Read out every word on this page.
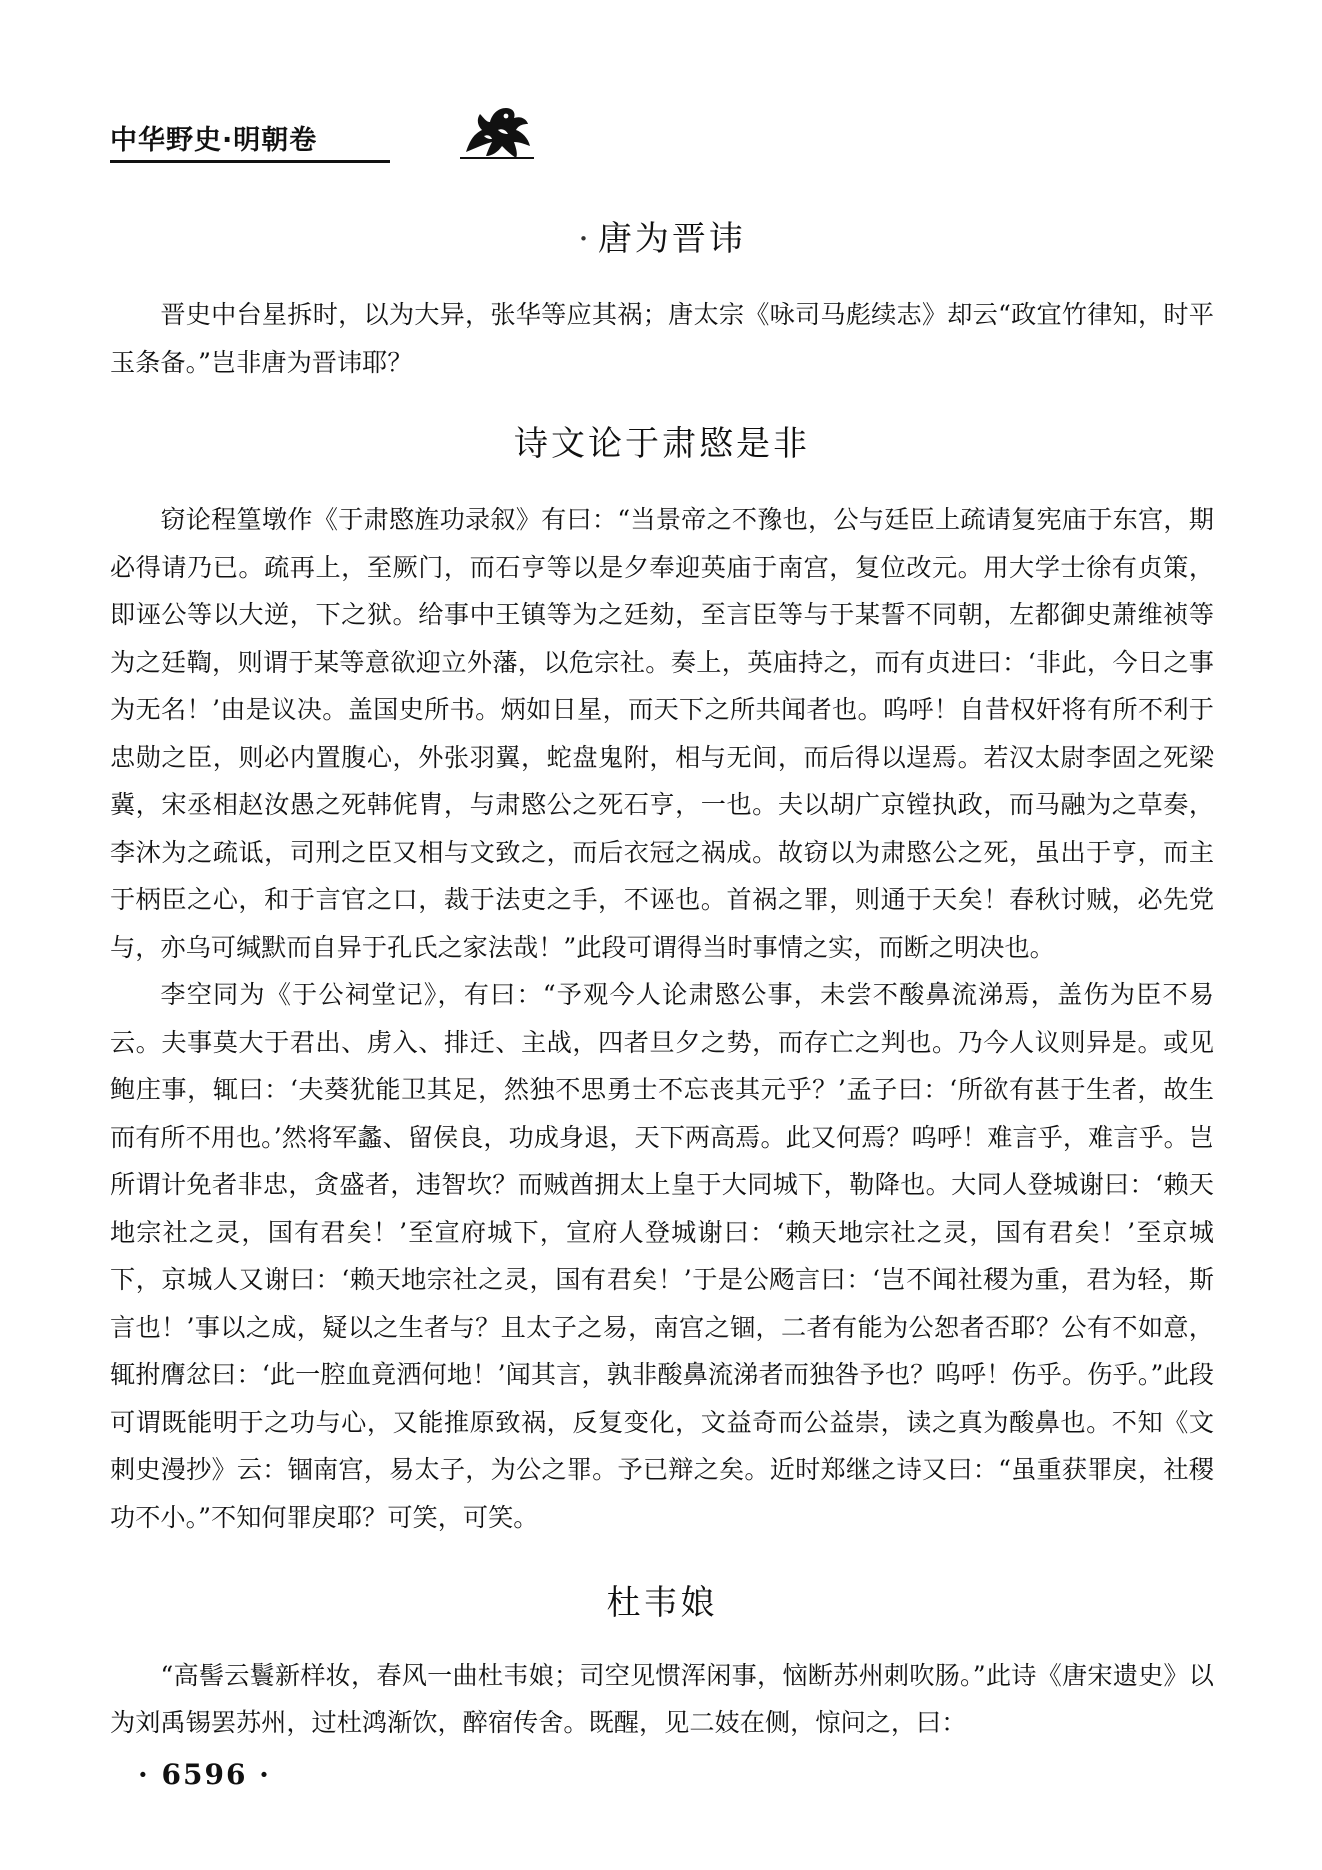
中华野史·明朝卷
· 唐为晋讳

晋史中台星拆时，以为大异，张华等应其祸；唐太宗《咏司马彪续志》却云“政宜竹律知，时平玉条备。”岂非唐为晋讳耶？

诗文论于肃愍是非

窃论程篁墩作《于肃愍旌功录叙》有曰：“当景帝之不豫也，公与廷臣上疏请复宪庙于东宫，期必得请乃已。疏再上，至厥门，而石亨等以是夕奉迎英庙于南宫，复位改元。用大学士徐有贞策，即诬公等以大逆，下之狱。给事中王镇等为之廷劾，至言臣等与于某誓不同朝，左都御史萧维祯等为之廷鞫，则谓于某等意欲迎立外藩，以危宗社。奏上，英庙持之，而有贞进曰：‘非此，今日之事为无名！’由是议决。盖国史所书。炳如日星，而天下之所共闻者也。呜呼！自昔权奸将有所不利于忠勋之臣，则必内置腹心，外张羽翼，蛇盘鬼附，相与无间，而后得以逞焉。若汉太尉李固之死梁冀，宋丞相赵汝愚之死韩侂胄，与肃愍公之死石亨，一也。夫以胡广京镗执政，而马融为之草奏，李沐为之疏诋，司刑之臣又相与文致之，而后衣冠之祸成。故窃以为肃愍公之死，虽出于亨，而主于柄臣之心，和于言官之口，裁于法吏之手，不诬也。首祸之罪，则通于天矣！春秋讨贼，必先党与，亦乌可缄默而自异于孔氏之家法哉！”此段可谓得当时事情之实，而断之明决也。

李空同为《于公祠堂记》，有曰：“予观今人论肃愍公事，未尝不酸鼻流涕焉，盖伤为臣不易云。夫事莫大于君出、虏入、排迁、主战，四者旦夕之势，而存亡之判也。乃今人议则异是。或见鲍庄事，辄曰：‘夫葵犹能卫其足，然独不思勇士不忘丧其元乎？’孟子曰：‘所欲有甚于生者，故生而有所不用也。’然将军蠡、留侯良，功成身退，天下两高焉。此又何焉？呜呼！难言乎，难言乎。岂所谓计免者非忠，贪盛者，违智坎？而贼酋拥太上皇于大同城下，勒降也。大同人登城谢曰：‘赖天地宗社之灵，国有君矣！’至宣府城下，宣府人登城谢曰：‘赖天地宗社之灵，国有君矣！’至京城下，京城人又谢曰：‘赖天地宗社之灵，国有君矣！’于是公飏言曰：‘岂不闻社稷为重，君为轻，斯言也！’事以之成，疑以之生者与？且太子之易，南宫之锢，二者有能为公恕者否耶？公有不如意，辄拊膺忿曰：‘此一腔血竟洒何地！’闻其言，孰非酸鼻流涕者而独咎予也？呜呼！伤乎。伤乎。”此段可谓既能明于之功与心，又能推原致祸，反复变化，文益奇而公益崇，读之真为酸鼻也。不知《文刺史漫抄》云：锢南宫，易太子，为公之罪。予已辩之矣。近时郑继之诗又曰：“虽重获罪戾，社稷功不小。”不知何罪戾耶？可笑，可笑。

杜韦娘

“高髻云鬟新样妆，春风一曲杜韦娘；司空见惯浑闲事，恼断苏州刺吹肠。”此诗《唐宋遗史》以为刘禹锡罢苏州，过杜鸿渐饮，醉宿传舍。既醒，见二妓在侧，惊问之，曰：

· 6596 ·
